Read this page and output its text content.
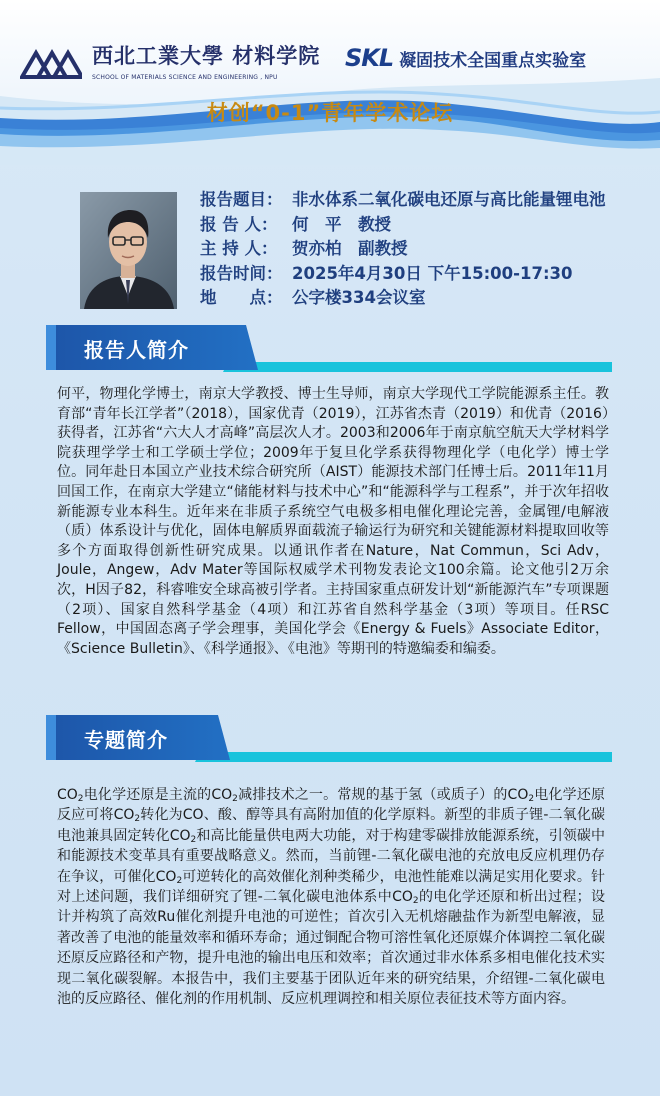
西北工業大學 材料学院
SCHOOL OF MATERIALS SCIENCE AND ENGINEERING , NPU
SKL 凝固技术全国重点实验室
材创“0-1”青年学术论坛
报告题目： 非水体系二氧化碳电还原与高比能量锂电池
报 告 人： 何　平　教授
主 持 人： 贺亦柏　副教授
报告时间： 2025年4月30日 下午15:00-17:30
地　　点： 公字楼334会议室
报告人简介
何平，物理化学博士，南京大学教授、博士生导师，南京大学现代工学院能源系主任。教育部“青年长江学者”（2018），国家优青（2019），江苏省杰青（2019）和优青（2016）获得者，江苏省“六大人才高峰”高层次人才。2003和2006年于南京航空航天大学材料学院获理学学士和工学硕士学位；2009年于复旦化学系获得物理化学（电化学）博士学位。同年赴日本国立产业技术综合研究所（AIST）能源技术部门任博士后。2011年11月回国工作，在南京大学建立“储能材料与技术中心”和“能源科学与工程系”，并于次年招收新能源专业本科生。近年来在非质子系统空气电极多相电催化理论完善，金属锂/电解液（质）体系设计与优化，固体电解质界面载流子输运行为研究和关键能源材料提取回收等多个方面取得创新性研究成果。以通讯作者在Nature，Nat Commun，Sci Adv，Joule，Angew，Adv Mater等国际权威学术刊物发表论文100余篇。论文他引2万余次，H因子82，科睿唯安全球高被引学者。主持国家重点研发计划“新能源汽车”专项课题（2项）、国家自然科学基金（4项）和江苏省自然科学基金（3项）等项目。任RSC Fellow，中国固态离子学会理事，美国化学会《Energy & Fuels》Associate Editor，《Science Bulletin》、《科学通报》、《电池》等期刊的特邀编委和编委。
专题简介
$CO_2$电化学还原是主流的$CO_2$减排技术之一。常规的基于氢（或质子）的$CO_2$电化学还原反应可将$CO_2$转化为CO、酸、醇等具有高附加值的化学原料。新型的非质子锂-二氧化碳电池兼具固定转化$CO_2$和高比能量供电两大功能，对于构建零碳排放能源系统，引领碳中和能源技术变革具有重要战略意义。然而，当前锂-二氧化碳电池的充放电反应机理仍存在争议，可催化$CO_2$可逆转化的高效催化剂种类稀少，电池性能难以满足实用化要求。针对上述问题，我们详细研究了锂-二氧化碳电池体系中$CO_2$的电化学还原和析出过程；设计并构筑了高效Ru催化剂提升电池的可逆性；首次引入无机熔融盐作为新型电解液，显著改善了电池的能量效率和循环寿命；通过铜配合物可溶性氧化还原媒介体调控二氧化碳还原反应路径和产物，提升电池的输出电压和效率；首次通过非水体系多相电催化技术实现二氧化碳裂解。本报告中，我们主要基于团队近年来的研究结果，介绍锂-二氧化碳电池的反应路径、催化剂的作用机制、反应机理调控和相关原位表征技术等方面内容。
